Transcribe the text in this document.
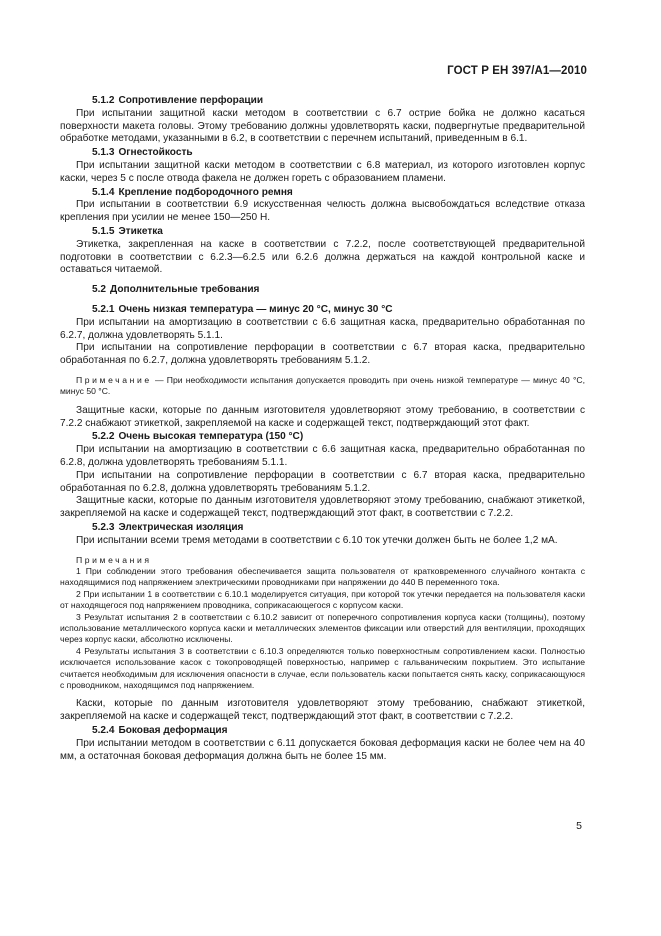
ГОСТ Р ЕН 397/А1—2010

5.1.2 Сопротивление перфорации

При испытании защитной каски методом в соответствии с 6.7 острие бойка не должно касаться поверхности макета головы. Этому требованию должны удовлетворять каски, подвергнутые предварительной обработке методами, указанными в 6.2, в соответствии с перечнем испытаний, приведенным в 6.1.

5.1.3 Огнестойкость

При испытании защитной каски методом в соответствии с 6.8 материал, из которого изготовлен корпус каски, через 5 с после отвода факела не должен гореть с образованием пламени.

5.1.4 Крепление подбородочного ремня

При испытании в соответствии 6.9 искусственная челюсть должна высвобождаться вследствие отказа крепления при усилии не менее 150—250 Н.

5.1.5 Этикетка

Этикетка, закрепленная на каске в соответствии с 7.2.2, после соответствующей предварительной подготовки в соответствии с 6.2.3—6.2.5 или 6.2.6 должна держаться на каждой контрольной каске и оставаться читаемой.

5.2 Дополнительные требования

5.2.1 Очень низкая температура — минус 20 °С, минус 30 °С

При испытании на амортизацию в соответствии с 6.6 защитная каска, предварительно обработанная по 6.2.7, должна удовлетворять 5.1.1.

При испытании на сопротивление перфорации в соответствии с 6.7 вторая каска, предварительно обработанная по 6.2.7, должна удовлетворять требованиям 5.1.2.

Примечание — При необходимости испытания допускается проводить при очень низкой температуре — минус 40 °С, минус 50 °С.

Защитные каски, которые по данным изготовителя удовлетворяют этому требованию, в соответствии с 7.2.2 снабжают этикеткой, закрепляемой на каске и содержащей текст, подтверждающий этот факт.

5.2.2 Очень высокая температура (150 °С)

При испытании на амортизацию в соответствии с 6.6 защитная каска, предварительно обработанная по 6.2.8, должна удовлетворять требованиям 5.1.1.

При испытании на сопротивление перфорации в соответствии с 6.7 вторая каска, предварительно обработанная по 6.2.8, должна удовлетворять требованиям 5.1.2.

Защитные каски, которые по данным изготовителя удовлетворяют этому требованию, снабжают этикеткой, закрепляемой на каске и содержащей текст, подтверждающий этот факт, в соответствии с 7.2.2.

5.2.3 Электрическая изоляция

При испытании всеми тремя методами в соответствии с 6.10 ток утечки должен быть не более 1,2 мА.

Примечания

1 При соблюдении этого требования обеспечивается защита пользователя от кратковременного случайного контакта с находящимися под напряжением электрическими проводниками при напряжении до 440 В переменного тока.

2 При испытании 1 в соответствии с 6.10.1 моделируется ситуация, при которой ток утечки передается на пользователя каски от находящегося под напряжением проводника, соприкасающегося с корпусом каски.

3 Результат испытания 2 в соответствии с 6.10.2 зависит от поперечного сопротивления корпуса каски (толщины), поэтому использование металлического корпуса каски и металлических элементов фиксации или отверстий для вентиляции, проходящих через корпус каски, абсолютно исключены.

4 Результаты испытания 3 в соответствии с 6.10.3 определяются только поверхностным сопротивлением каски. Полностью исключается использование касок с токопроводящей поверхностью, например с гальваническим покрытием. Это испытание считается необходимым для исключения опасности в случае, если пользователь каски попытается снять каску, соприкасающуюся с проводником, находящимся под напряжением.

Каски, которые по данным изготовителя удовлетворяют этому требованию, снабжают этикеткой, закрепляемой на каске и содержащей текст, подтверждающий этот факт, в соответствии с 7.2.2.

5.2.4 Боковая деформация

При испытании методом в соответствии с 6.11 допускается боковая деформация каски не более чем на 40 мм, а остаточная боковая деформация должна быть не более 15 мм.

5
